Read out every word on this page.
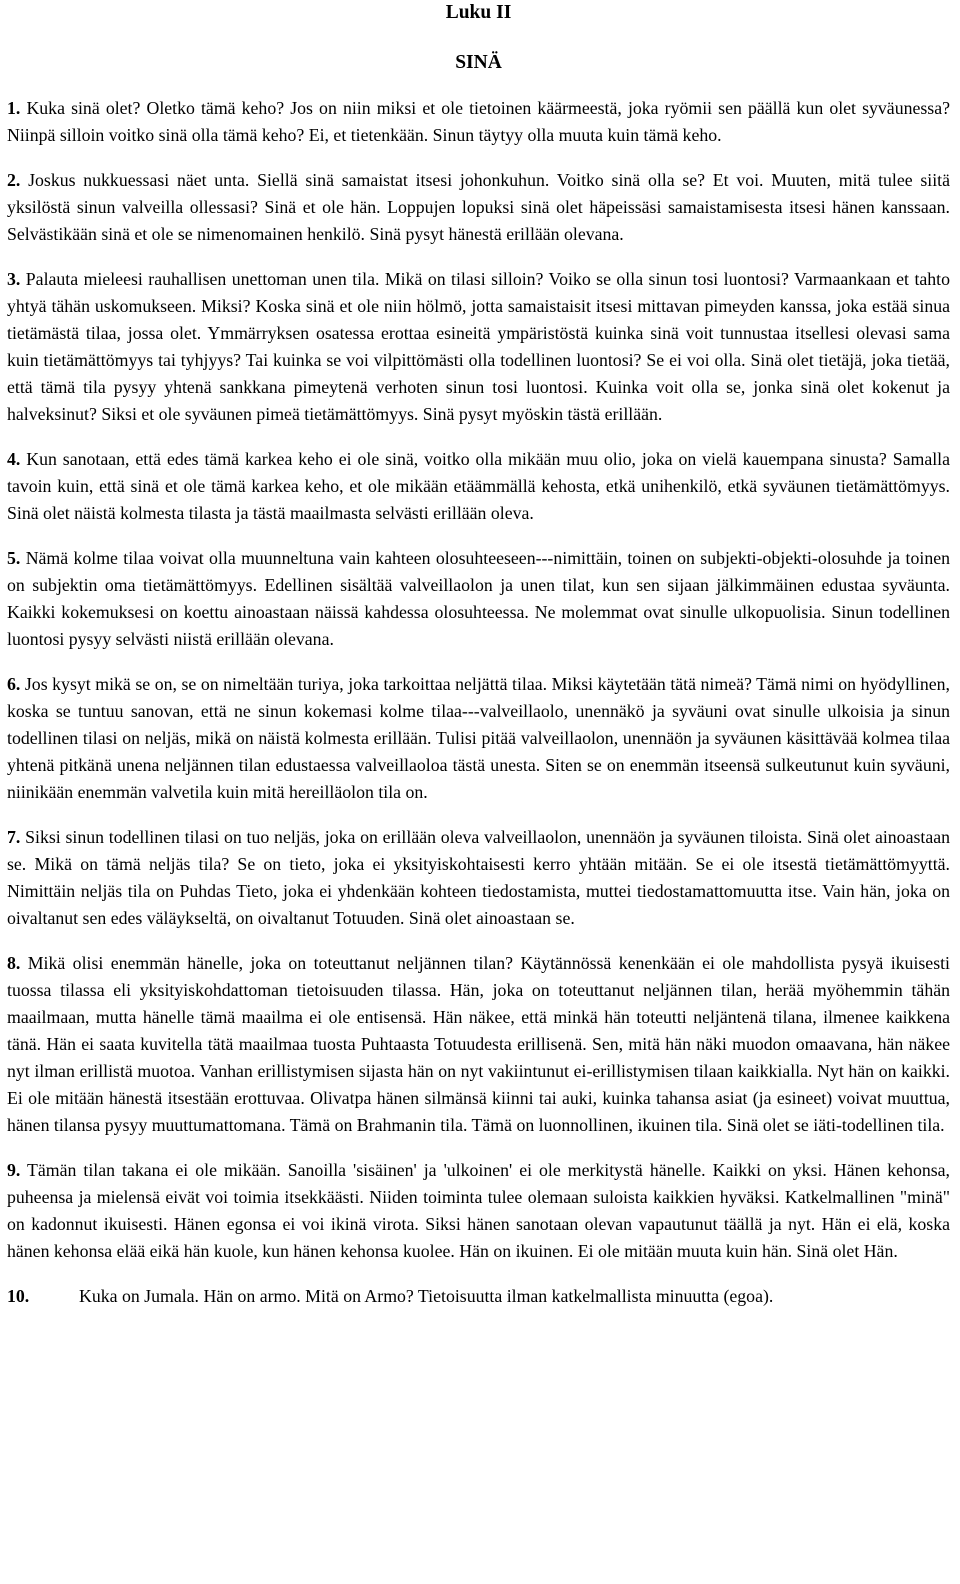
Luku II
SINÄ

1. Kuka sinä olet? Oletko tämä keho? Jos on niin miksi et ole tietoinen käärmeestä, joka ryömii sen päällä kun olet syväunessa? Niinpä silloin voitko sinä olla tämä keho? Ei, et tietenkään. Sinun täytyy olla muuta kuin tämä keho.

2. Joskus nukkuessasi näet unta. Siellä sinä samaistat itsesi johonkuhun. Voitko sinä olla se? Et voi. Muuten, mitä tulee siitä yksilöstä sinun valveilla ollessasi? Sinä et ole hän. Loppujen lopuksi sinä olet häpeissäsi samaistamisesta itsesi hänen kanssaan. Selvästikään sinä et ole se nimenomainen henkilö. Sinä pysyt hänestä erillään olevana.

3. Palauta mieleesi rauhallisen unettoman unen tila. Mikä on tilasi silloin? Voiko se olla sinun tosi luontosi? Varmaankaan et tahto yhtyä tähän uskomukseen. Miksi? Koska sinä et ole niin hölmö, jotta samaistaisit itsesi mittavan pimeyden kanssa, joka estää sinua tietämästä tilaa, jossa olet. Ymmärryksen osatessa erottaa esineitä ympäristöstä kuinka sinä voit tunnustaa itsellesi olevasi sama kuin tietämättömyys tai tyhjyys? Tai kuinka se voi vilpittömästi olla todellinen luontosi? Se ei voi olla. Sinä olet tietäjä, joka tietää, että tämä tila pysyy yhtenä sankkana pimeytenä verhoten sinun tosi luontosi. Kuinka voit olla se, jonka sinä olet kokenut ja halveksinut? Siksi et ole syväunen pimeä tietämättömyys. Sinä pysyt myöskin tästä erillään.

4. Kun sanotaan, että edes tämä karkea keho ei ole sinä, voitko olla mikään muu olio, joka on vielä kauempana sinusta? Samalla tavoin kuin, että sinä et ole tämä karkea keho, et ole mikään etäämmällä kehosta, etkä unihenkilö, etkä syväunen tietämättömyys. Sinä olet näistä kolmesta tilasta ja tästä maailmasta selvästi erillään oleva.

5. Nämä kolme tilaa voivat olla muunneltuna vain kahteen olosuhteeseen---nimittäin, toinen on subjekti-objekti-olosuhde ja toinen on subjektin oma tietämättömyys. Edellinen sisältää valveillaolon ja unen tilat, kun sen sijaan jälkimmäinen edustaa syväunta. Kaikki kokemuksesi on koettu ainoastaan näissä kahdessa olosuhteessa. Ne molemmat ovat sinulle ulkopuolisia. Sinun todellinen luontosi pysyy selvästi niistä erillään olevana.

6. Jos kysyt mikä se on, se on nimeltään turiya, joka tarkoittaa neljättä tilaa. Miksi käytetään tätä nimeä? Tämä nimi on hyödyllinen, koska se tuntuu sanovan, että ne sinun kokemasi kolme tilaa---valveillaolo, unennäkö ja syväuni ovat sinulle ulkoisia ja sinun todellinen tilasi on neljäs, mikä on näistä kolmesta erillään. Tulisi pitää valveillaolon, unennäön ja syväunen käsittävää kolmea tilaa yhtenä pitkänä unena neljännen tilan edustaessa valveillaoloa tästä unesta. Siten se on enemmän itseensä sulkeutunut kuin syväuni, niinikään enemmän valvetila kuin mitä hereilläolon tila on.

7. Siksi sinun todellinen tilasi on tuo neljäs, joka on erillään oleva valveillaolon, unennäön ja syväunen tiloista. Sinä olet ainoastaan se. Mikä on tämä neljäs tila? Se on tieto, joka ei yksityiskohtaisesti kerro yhtään mitään. Se ei ole itsestä tietämättömyyttä. Nimittäin neljäs tila on Puhdas Tieto, joka ei yhdenkään kohteen tiedostamista, muttei tiedostamattomuutta itse. Vain hän, joka on oivaltanut sen edes väläykseltä, on oivaltanut Totuuden. Sinä olet ainoastaan se.

8. Mikä olisi enemmän hänelle, joka on toteuttanut neljännen tilan? Käytännössä kenenkään ei ole mahdollista pysyä ikuisesti tuossa tilassa eli yksityiskohdattoman tietoisuuden tilassa. Hän, joka on toteuttanut neljännen tilan, herää myöhemmin tähän maailmaan, mutta hänelle tämä maailma ei ole entisensä. Hän näkee, että minkä hän toteutti neljäntenä tilana, ilmenee kaikkena tänä. Hän ei saata kuvitella tätä maailmaa tuosta Puhtaasta Totuudesta erillisenä. Sen, mitä hän näki muodon omaavana, hän näkee nyt ilman erillistä muotoa. Vanhan erillistymisen sijasta hän on nyt vakiintunut ei-erillistymisen tilaan kaikkialla. Nyt hän on kaikki. Ei ole mitään hänestä itsestään erottuvaa. Olivatpa hänen silmänsä kiinni tai auki, kuinka tahansa asiat (ja esineet) voivat muuttua, hänen tilansa pysyy muuttumattomana. Tämä on Brahmanin tila. Tämä on luonnollinen, ikuinen tila. Sinä olet se iäti-todellinen tila.

9. Tämän tilan takana ei ole mikään. Sanoilla 'sisäinen' ja 'ulkoinen' ei ole merkitystä hänelle. Kaikki on yksi. Hänen kehonsa, puheensa ja mielensä eivät voi toimia itsekkäästi. Niiden toiminta tulee olemaan suloista kaikkien hyväksi. Katkelmallinen "minä" on kadonnut ikuisesti. Hänen egonsa ei voi ikinä virota. Siksi hänen sanotaan olevan vapautunut täällä ja nyt. Hän ei elä, koska hänen kehonsa elää eikä hän kuole, kun hänen kehonsa kuolee. Hän on ikuinen. Ei ole mitään muuta kuin hän. Sinä olet Hän.

10.	Kuka on Jumala. Hän on armo. Mitä on Armo? Tietoisuutta ilman katkelmallista minuutta (egoa).
